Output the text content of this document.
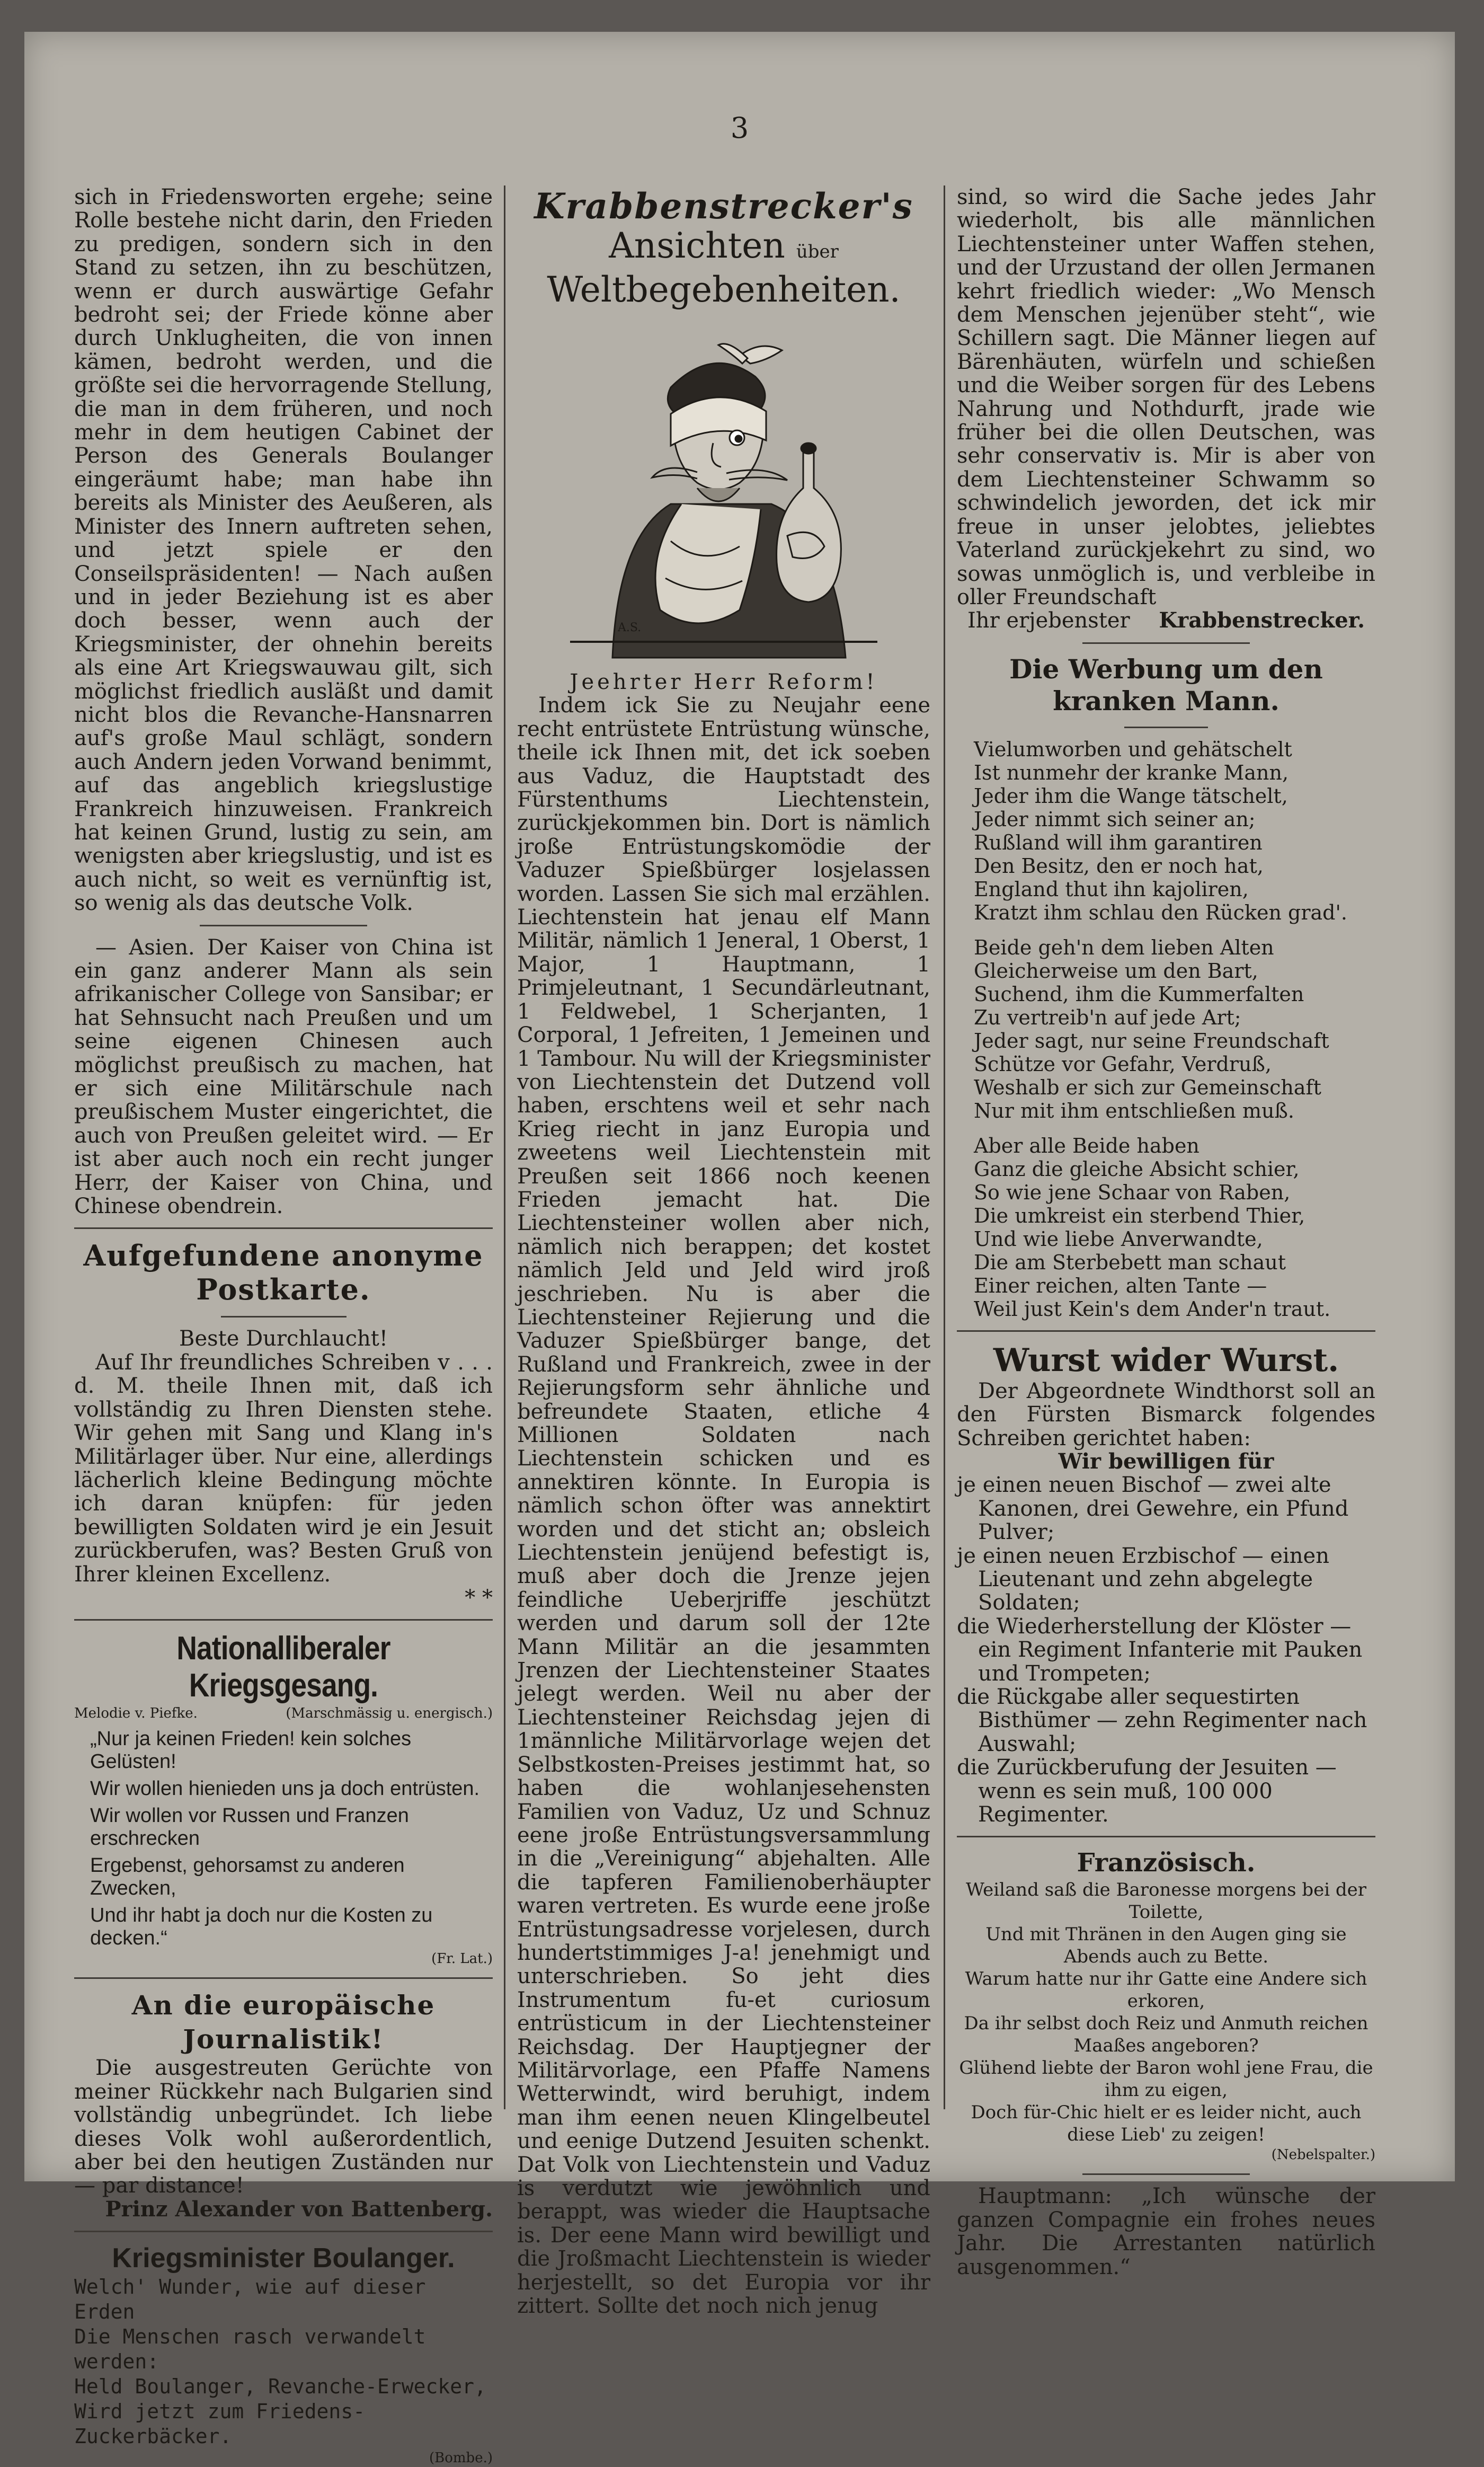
3

sich in Friedensworten ergehe; seine Rolle bestehe nicht darin, den Frieden zu predigen, sondern sich in den Stand zu setzen, ihn zu beschützen, wenn er durch auswärtige Gefahr bedroht sei; der Friede könne aber durch Unklugheiten, die von innen kämen, bedroht werden, und die größte sei die hervorragende Stellung, die man in dem früheren, und noch mehr in dem heutigen Cabinet der Person des Generals Boulanger eingeräumt habe; man habe ihn bereits als Minister des Aeußeren, als Minister des Innern auftreten sehen, und jetzt spiele er den Conseilspräsidenten! — Nach außen und in jeder Beziehung ist es aber doch besser, wenn auch der Kriegsminister, der ohnehin bereits als eine Art Kriegswauwau gilt, sich möglichst friedlich ausläßt und damit nicht blos die Revanche-Hansnarren auf's große Maul schlägt, sondern auch Andern jeden Vorwand benimmt, auf das angeblich kriegslustige Frankreich hinzuweisen. Frankreich hat keinen Grund, lustig zu sein, am wenigsten aber kriegslustig, und ist es auch nicht, so weit es vernünftig ist, so wenig als das deutsche Volk.

— Asien. Der Kaiser von China ist ein ganz anderer Mann als sein afrikanischer College von Sansibar; er hat Sehnsucht nach Preußen und um seine eigenen Chinesen auch möglichst preußisch zu machen, hat er sich eine Militärschule nach preußischem Muster eingerichtet, die auch von Preußen geleitet wird. — Er ist aber auch noch ein recht junger Herr, der Kaiser von China, und Chinese obendrein.

Aufgefundene anonyme Postkarte.

Beste Durchlaucht!

Auf Ihr freundliches Schreiben v . . . d. M. theile Ihnen mit, daß ich vollständig zu Ihren Diensten stehe. Wir gehen mit Sang und Klang in's Militärlager über. Nur eine, allerdings lächerlich kleine Bedingung möchte ich daran knüpfen: für jeden bewilligten Soldaten wird je ein Jesuit zurückberufen, was? Besten Gruß von Ihrer kleinen Excellenz.

* *

Nationalliberaler Kriegsgesang.
Melodie v. Piefke.	(Marschmässig u. energisch.)

„Nur ja keinen Frieden! kein solches Gelüsten!

Wir wollen hienieden uns ja doch entrüsten.

Wir wollen vor Russen und Franzen erschrecken

Ergebenst, gehorsamst zu anderen Zwecken,

Und ihr habt ja doch nur die Kosten zu decken.“

(Fr. Lat.)

An die europäische Journalistik!

Die ausgestreuten Gerüchte von meiner Rückkehr nach Bulgarien sind vollständig unbegründet. Ich liebe dieses Volk wohl außerordentlich, aber bei den heutigen Zuständen nur — par distance!

Prinz Alexander von Battenberg.

Kriegsminister Boulanger.

Welch' Wunder, wie auf dieser Erden

Die Menschen rasch verwandelt werden:

Held Boulanger, Revanche-Erwecker,

Wird jetzt zum Friedens-Zuckerbäcker.

(Bombe.)

Krabbenstrecker's
Ansichten über Weltbegebenheiten.
A.S.

Jeehrter Herr Reform!

Indem ick Sie zu Neujahr eene recht entrüstete Entrüstung wünsche, theile ick Ihnen mit, det ick soeben aus Vaduz, die Hauptstadt des Fürstenthums Liechtenstein, zurückjekommen bin. Dort is nämlich jroße Entrüstungskomödie der Vaduzer Spießbürger losjelassen worden. Lassen Sie sich mal erzählen. Liechtenstein hat jenau elf Mann Militär, nämlich 1 Jeneral, 1 Oberst, 1 Major, 1 Hauptmann, 1 Primjeleutnant, 1 Secundärleutnant, 1 Feldwebel, 1 Scherjanten, 1 Corporal, 1 Jefreiten, 1 Jemeinen und 1 Tambour. Nu will der Kriegsminister von Liechtenstein det Dutzend voll haben, erschtens weil et sehr nach Krieg riecht in janz Europia und zweetens weil Liechtenstein mit Preußen seit 1866 noch keenen Frieden jemacht hat. Die Liechtensteiner wollen aber nich, nämlich nich berappen; det kostet nämlich Jeld und Jeld wird jroß jeschrieben. Nu is aber die Liechtensteiner Rejierung und die Vaduzer Spießbürger bange, det Rußland und Frankreich, zwee in der Rejierungsform sehr ähnliche und befreundete Staaten, etliche 4 Millionen Soldaten nach Liechtenstein schicken und es annektiren könnte. In Europia is nämlich schon öfter was annektirt worden und det sticht an; obsleich Liechtenstein jenüjend befestigt is, muß aber doch die Jrenze jejen feindliche Ueberjriffe jeschützt werden und darum soll der 12te Mann Militär an die jesammten Jrenzen der Liechtensteiner Staates jelegt werden. Weil nu aber der Liechtensteiner Reichsdag jejen di 1männliche Militärvorlage wejen det Selbstkosten-Preises jestimmt hat, so haben die wohlanjesehensten Familien von Vaduz, Uz und Schnuz eene jroße Entrüstungsversammlung in die „Vereinigung“ abjehalten. Alle die tapferen Familienoberhäupter waren vertreten. Es wurde eene jroße Entrüstungsadresse vorjelesen, durch hundertstimmiges J-a! jenehmigt und unterschrieben. So jeht dies Instrumentum fu-et curiosum entrüsticum in der Liechtensteiner Reichsdag. Der Hauptjegner der Militärvorlage, een Pfaffe Namens Wetterwindt, wird beruhigt, indem man ihm eenen neuen Klingelbeutel und eenige Dutzend Jesuiten schenkt. Dat Volk von Liechtenstein und Vaduz is verdutzt wie jewöhnlich und berappt, was wieder die Hauptsache is. Der eene Mann wird bewilligt und die Jroßmacht Liechtenstein is wieder herjestellt, so det Europia vor ihr zittert. Sollte det noch nich jenug

sind, so wird die Sache jedes Jahr wiederholt, bis alle männlichen Liechtensteiner unter Waffen stehen, und der Urzustand der ollen Jermanen kehrt friedlich wieder: „Wo Mensch dem Menschen jejenüber steht“, wie Schillern sagt. Die Männer liegen auf Bärenhäuten, würfeln und schießen und die Weiber sorgen für des Lebens Nahrung und Nothdurft, jrade wie früher bei die ollen Deutschen, was sehr conservativ is. Mir is aber von dem Liechtensteiner Schwamm so schwindelich jeworden, det ick mir freue in unser jelobtes, jeliebtes Vaterland zurückjekehrt zu sind, wo sowas unmöglich is, und verbleibe in oller Freundschaft

Ihr erjebenster Krabbenstrecker.
Die Werbung um den kranken Mann.

Vielumworben und gehätschelt

Ist nunmehr der kranke Mann,

Jeder ihm die Wange tätschelt,

Jeder nimmt sich seiner an;

Rußland will ihm garantiren

Den Besitz, den er noch hat,

England thut ihn kajoliren,

Kratzt ihm schlau den Rücken grad'.

Beide geh'n dem lieben Alten

Gleicherweise um den Bart,

Suchend, ihm die Kummerfalten

Zu vertreib'n auf jede Art;

Jeder sagt, nur seine Freundschaft

Schütze vor Gefahr, Verdruß,

Weshalb er sich zur Gemeinschaft

Nur mit ihm entschließen muß.

Aber alle Beide haben

Ganz die gleiche Absicht schier,

So wie jene Schaar von Raben,

Die umkreist ein sterbend Thier,

Und wie liebe Anverwandte,

Die am Sterbebett man schaut

Einer reichen, alten Tante —

Weil just Kein's dem Ander'n traut.

Wurst wider Wurst.

Der Abgeordnete Windthorst soll an den Fürsten Bismarck folgendes Schreiben gerichtet haben:

Wir bewilligen für

je einen neuen Bischof — zwei alte Kanonen, drei Gewehre, ein Pfund Pulver;

je einen neuen Erzbischof — einen Lieutenant und zehn abgelegte Soldaten;

die Wiederherstellung der Klöster — ein Regiment Infanterie mit Pauken und Trompeten;

die Rückgabe aller sequestirten Bisthümer — zehn Regimenter nach Auswahl;

die Zurückberufung der Jesuiten — wenn es sein muß, 100 000 Regimenter.

Französisch.

Weiland saß die Baronesse morgens bei der Toilette,

Und mit Thränen in den Augen ging sie Abends auch zu Bette.

Warum hatte nur ihr Gatte eine Andere sich erkoren,

Da ihr selbst doch Reiz und Anmuth reichen Maaßes angeboren?

Glühend liebte der Baron wohl jene Frau, die ihm zu eigen,

Doch für-Chic hielt er es leider nicht, auch diese Lieb' zu zeigen!

(Nebelspalter.)

Hauptmann: „Ich wünsche der ganzen Compagnie ein frohes neues Jahr. Die Arrestanten natürlich ausgenommen.“
